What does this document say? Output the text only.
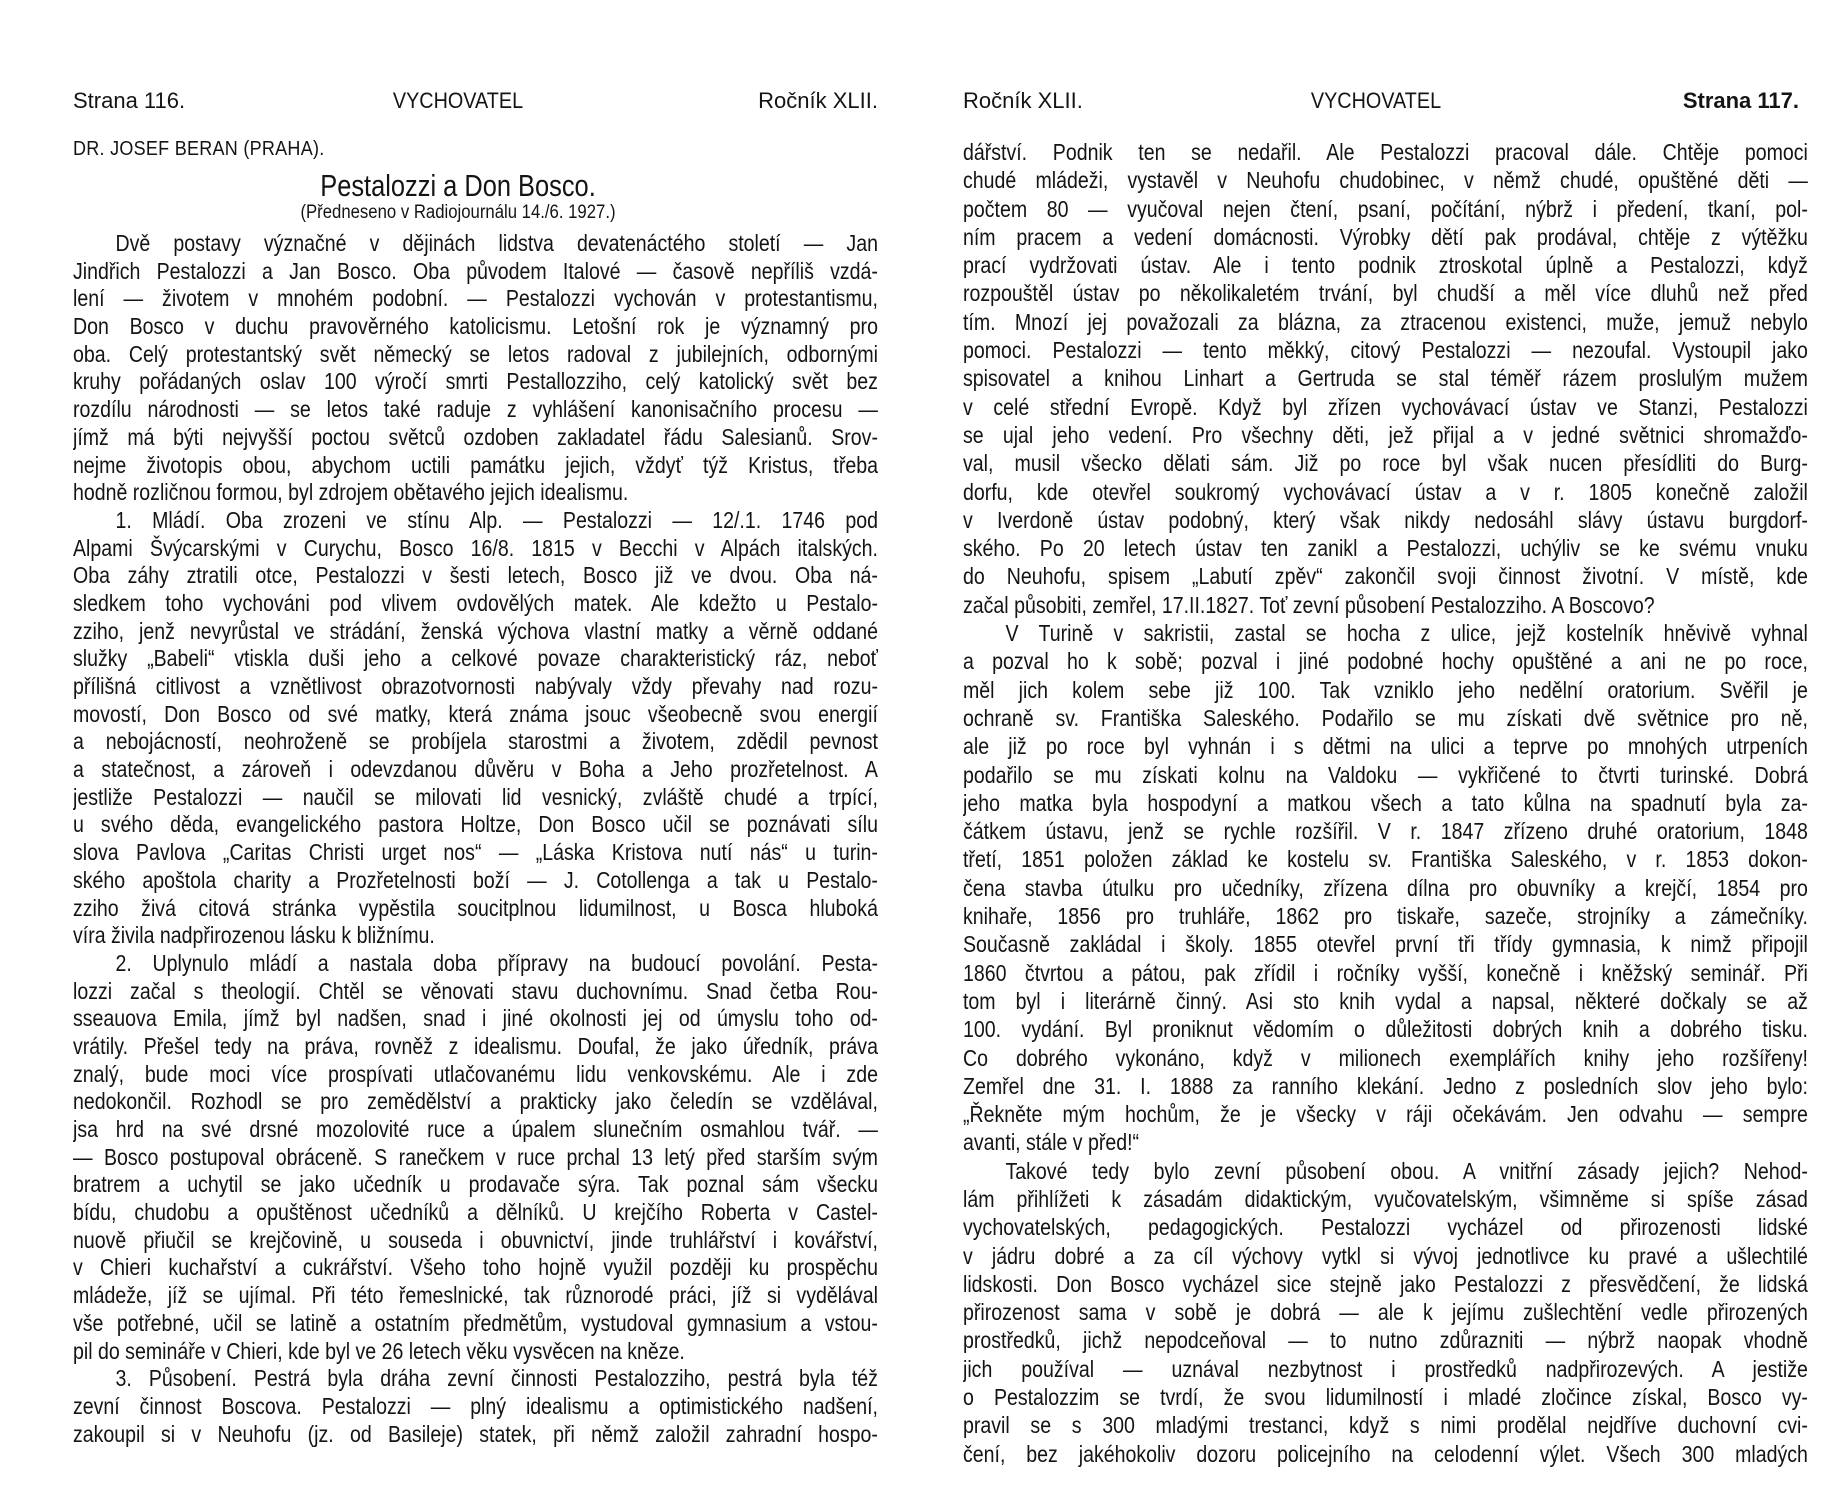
Strana 116.	VYCHOVATEL	Ročník XLII.
DR. JOSEF BERAN (PRAHA).
Pestalozzi a Don Bosco.
(Předneseno v Radiojournálu 14./6. 1927.)
Dvě postavy význačné v dějinách lidstva devatenáctého století — Jan
Jindřich Pestalozzi a Jan Bosco. Oba původem Italové — časově nepříliš vzdá-
lení — životem v mnohém podobní. — Pestalozzi vychován v protestantismu,
Don Bosco v duchu pravověrného katolicismu. Letošní rok je významný pro
oba. Celý protestantský svět německý se letos radoval z jubilejních, odbornými
kruhy pořádaných oslav 100 výročí smrti Pestallozziho, celý katolický svět bez
rozdílu národnosti — se letos také raduje z vyhlášení kanonisačního procesu —
jímž má býti nejvyšší poctou světců ozdoben zakladatel řádu Salesianů. Srov-
nejme životopis obou, abychom uctili památku jejich, vždyť týž Kristus, třeba
hodně rozličnou formou, byl zdrojem obětavého jejich idealismu.
1. Mládí. Oba zrozeni ve stínu Alp. — Pestalozzi — 12/.1. 1746 pod
Alpami Švýcarskými v Curychu, Bosco 16/8. 1815 v Becchi v Alpách italských.
Oba záhy ztratili otce, Pestalozzi v šesti letech, Bosco již ve dvou. Oba ná-
sledkem toho vychováni pod vlivem ovdovělých matek. Ale kdežto u Pestalo-
zziho, jenž nevyrůstal ve strádání, ženská výchova vlastní matky a věrně oddané
služky „Babeli“ vtiskla duši jeho a celkové povaze charakteristický ráz, neboť
přílišná citlivost a vznětlivost obrazotvornosti nabývaly vždy převahy nad rozu-
movostí, Don Bosco od své matky, která známa jsouc všeobecně svou energií
a nebojácností, neohroženě se probíjela starostmi a životem, zdědil pevnost
a statečnost, a zároveň i odevzdanou důvěru v Boha a Jeho prozřetelnost. A
jestliže Pestalozzi — naučil se milovati lid vesnický, zvláště chudé a trpící,
u svého děda, evangelického pastora Holtze, Don Bosco učil se poznávati sílu
slova Pavlova „Caritas Christi urget nos“ — „Láska Kristova nutí nás“ u turin-
ského apoštola charity a Prozřetelnosti boží — J. Cotollenga a tak u Pestalo-
zziho živá citová stránka vypěstila soucitplnou lidumilnost, u Bosca hluboká
víra živila nadpřirozenou lásku k bližnímu.
2. Uplynulo mládí a nastala doba přípravy na budoucí povolání. Pesta-
lozzi začal s theologií. Chtěl se věnovati stavu duchovnímu. Snad četba Rou-
sseauova Emila, jímž byl nadšen, snad i jiné okolnosti jej od úmyslu toho od-
vrátily. Přešel tedy na práva, rovněž z idealismu. Doufal, že jako úředník, práva
znalý, bude moci více prospívati utlačovanému lidu venkovskému. Ale i zde
nedokončil. Rozhodl se pro zemědělství a prakticky jako čeledín se vzdělával,
jsa hrd na své drsné mozolovité ruce a úpalem slunečním osmahlou tvář. —
— Bosco postupoval obráceně. S ranečkem v ruce prchal 13 letý před starším svým
bratrem a uchytil se jako učedník u prodavače sýra. Tak poznal sám všecku
bídu, chudobu a opuštěnost učedníků a dělníků. U krejčího Roberta v Castel-
nuově přiučil se krejčovině, u souseda i obuvnictví, jinde truhlářství i kovářství,
v Chieri kuchařství a cukrářství. Všeho toho hojně využil později ku prospěchu
mládeže, jíž se ujímal. Při této řemeslnické, tak různorodé práci, jíž si vydělával
vše potřebné, učil se latině a ostatním předmětům, vystudoval gymnasium a vstou-
pil do semináře v Chieri, kde byl ve 26 letech věku vysvěcen na kněze.
3. Působení. Pestrá byla dráha zevní činnosti Pestalozziho, pestrá byla též
zevní činnost Boscova. Pestalozzi — plný idealismu a optimistického nadšení,
zakoupil si v Neuhofu (jz. od Basileje) statek, při němž založil zahradní hospo-
Ročník XLII.	VYCHOVATEL	Strana 117.
dářství. Podnik ten se nedařil. Ale Pestalozzi pracoval dále. Chtěje pomoci
chudé mládeži, vystavěl v Neuhofu chudobinec, v němž chudé, opuštěné děti —
počtem 80 — vyučoval nejen čtení, psaní, počítání, nýbrž i předení, tkaní, pol-
ním pracem a vedení domácnosti. Výrobky dětí pak prodával, chtěje z výtěžku
prací vydržovati ústav. Ale i tento podnik ztroskotal úplně a Pestalozzi, když
rozpouštěl ústav po několikaletém trvání, byl chudší a měl více dluhů než před
tím. Mnozí jej považozali za blázna, za ztracenou existenci, muže, jemuž nebylo
pomoci. Pestalozzi — tento měkký, citový Pestalozzi — nezoufal. Vystoupil jako
spisovatel a knihou Linhart a Gertruda se stal téměř rázem proslulým mužem
v celé střední Evropě. Když byl zřízen vychovávací ústav ve Stanzi, Pestalozzi
se ujal jeho vedení. Pro všechny děti, jež přijal a v jedné světnici shromažďo-
val, musil všecko dělati sám. Již po roce byl však nucen přesídliti do Burg-
dorfu, kde otevřel soukromý vychovávací ústav a v r. 1805 konečně založil
v Iverdoně ústav podobný, který však nikdy nedosáhl slávy ústavu burgdorf-
ského. Po 20 letech ústav ten zanikl a Pestalozzi, uchýliv se ke svému vnuku
do Neuhofu, spisem „Labutí zpěv“ zakončil svoji činnost životní. V místě, kde
začal působiti, zemřel, 17.II.1827. Toť zevní působení Pestalozziho. A Boscovo?
V Turině v sakristii, zastal se hocha z ulice, jejž kostelník hněvivě vyhnal
a pozval ho k sobě; pozval i jiné podobné hochy opuštěné a ani ne po roce,
měl jich kolem sebe již 100. Tak vzniklo jeho nedělní oratorium. Svěřil je
ochraně sv. Františka Saleského. Podařilo se mu získati dvě světnice pro ně,
ale již po roce byl vyhnán i s dětmi na ulici a teprve po mnohých utrpeních
podařilo se mu získati kolnu na Valdoku — vykřičené to čtvrti turinské. Dobrá
jeho matka byla hospodyní a matkou všech a tato kůlna na spadnutí byla za-
čátkem ústavu, jenž se rychle rozšířil. V r. 1847 zřízeno druhé oratorium, 1848
třetí, 1851 položen základ ke kostelu sv. Františka Saleského, v r. 1853 dokon-
čena stavba útulku pro učedníky, zřízena dílna pro obuvníky a krejčí, 1854 pro
knihaře, 1856 pro truhláře, 1862 pro tiskaře, sazeče, strojníky a zámečníky.
Současně zakládal i školy. 1855 otevřel první tři třídy gymnasia, k nimž připojil
1860 čtvrtou a pátou, pak zřídil i ročníky vyšší, konečně i kněžský seminář. Při
tom byl i literárně činný. Asi sto knih vydal a napsal, některé dočkaly se až
100. vydání. Byl proniknut vědomím o důležitosti dobrých knih a dobrého tisku.
Co dobrého vykonáno, když v milionech exemplářích knihy jeho rozšířeny!
Zemřel dne 31. I. 1888 za ranního klekání. Jedno z posledních slov jeho bylo:
„Řekněte mým hochům, že je všecky v ráji očekávám. Jen odvahu — sempre
avanti, stále v před!“
Takové tedy bylo zevní působení obou. A vnitřní zásady jejich? Nehod-
lám přihlížeti k zásadám didaktickým, vyučovatelským, všimněme si spíše zásad
vychovatelských, pedagogických. Pestalozzi vycházel od přirozenosti lidské
v jádru dobré a za cíl výchovy vytkl si vývoj jednotlivce ku pravé a ušlechtilé
lidskosti. Don Bosco vycházel sice stejně jako Pestalozzi z přesvědčení, že lidská
přirozenost sama v sobě je dobrá — ale k jejímu zušlechtění vedle přirozených
prostředků, jichž nepodceňoval — to nutno zdůrazniti — nýbrž naopak vhodně
jich používal — uznával nezbytnost i prostředků nadpřirozevých. A jestiže
o Pestalozzim se tvrdí, že svou lidumilností i mladé zločince získal, Bosco vy-
pravil se s 300 mladými trestanci, když s nimi prodělal nejdříve duchovní cvi-
čení, bez jakéhokoliv dozoru policejního na celodenní výlet. Všech 300 mladých
